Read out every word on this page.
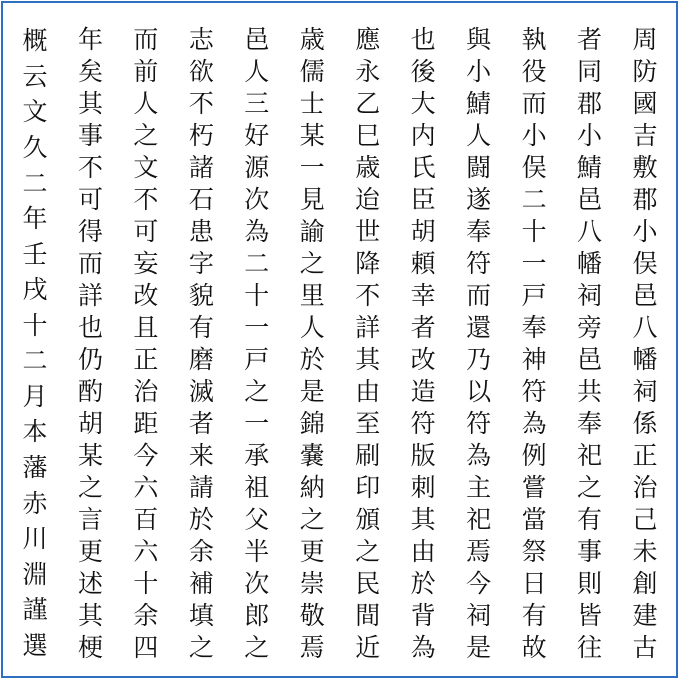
周
防
國
吉
敷
郡
小
俣
邑
八
幡
祠
係
正
治
己
未
創
建
古
者
同
郡
小
鯖
邑
八
幡
祠
旁
邑
共
奉
祀
之
有
事
則
皆
往
執
役
而
小
俣
二
十
一
戸
奉
神
符
為
例
嘗
當
祭
日
有
故
與
小
鯖
人
闘
遂
奉
符
而
還
乃
以
符
為
主
祀
焉
今
祠
是
也
後
大
内
氏
臣
胡
頼
幸
者
改
造
符
版
刺
其
由
於
背
為
應
永
乙
巳
歳
迨
世
降
不
詳
其
由
至
刷
印
頒
之
民
間
近
歳
儒
士
某
一
見
諭
之
里
人
於
是
錦
嚢
納
之
更
崇
敬
焉
邑
人
三
好
源
次
為
二
十
一
戸
之
一
承
祖
父
半
次
郎
之
志
欲
不
朽
諸
石
患
字
貌
有
磨
滅
者
来
請
於
余
補
填
之
而
前
人
之
文
不
可
妄
改
且
正
治
距
今
六
百
六
十
余
四
年
矣
其
事
不
可
得
而
詳
也
仍
酌
胡
某
之
言
更
述
其
梗
概
云
文
久
二
年
壬
戌
十
二
月
本
藩
赤
川
淵
謹
選
